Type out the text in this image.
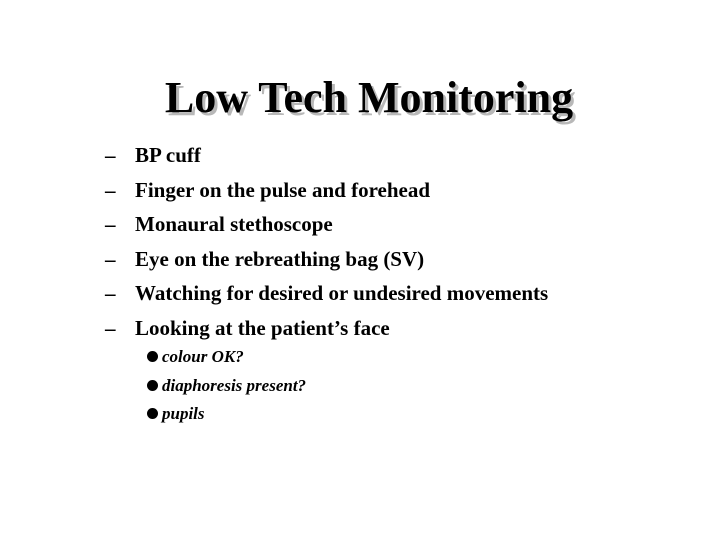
Low Tech Monitoring
– BP cuff
– Finger on the pulse and forehead
– Monaural stethoscope
– Eye on the rebreathing bag (SV)
– Watching for desired or undesired movements
– Looking at the patient’s face
colour OK?
diaphoresis present?
pupils
